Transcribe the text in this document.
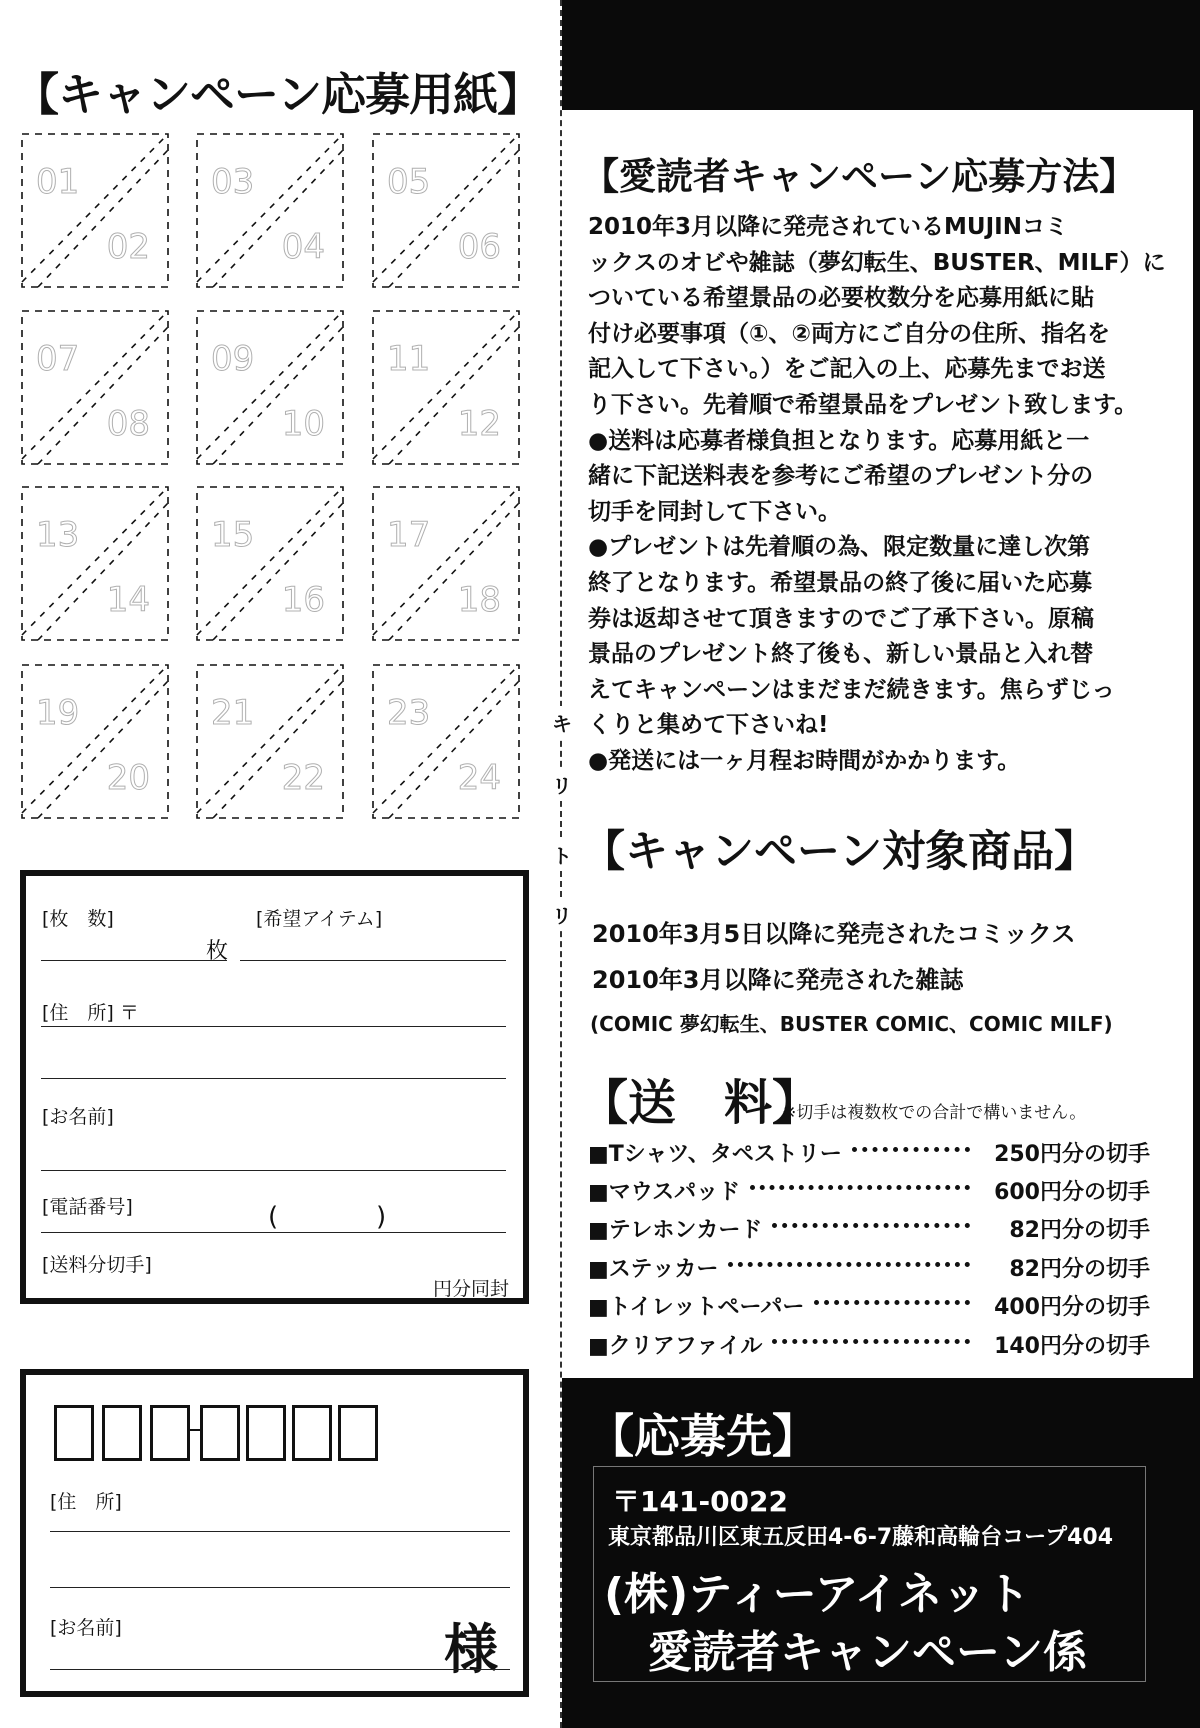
【キャンペーン応募用紙】
01
02
03
04
05
06
07
08
09
10
11
12
13
14
15
16
17
18
19
20
21
22
23
24
[枚　数]	[希望アイテム]
枚
[住　所] 〒
[お名前]
[電話番号]	(	)
[送料分切手]
円分同封
[住　所]
[お名前]	様
キ
リ
ト
リ
【愛読者キャンペーン応募方法】
2010年3月以降に発売されているMUJINコミ
ックスのオビや雑誌（夢幻転生、BUSTER、MILF）に
ついている希望景品の必要枚数分を応募用紙に貼
付け必要事項（①、②両方にご自分の住所、指名を
記入して下さい。）をご記入の上、応募先までお送
り下さい。先着順で希望景品をプレゼント致します。
●送料は応募者様負担となります。応募用紙と一
緒に下記送料表を参考にご希望のプレゼント分の
切手を同封して下さい。
●プレゼントは先着順の為、限定数量に達し次第
終了となります。希望景品の終了後に届いた応募
券は返却させて頂きますのでご了承下さい。原稿
景品のプレゼント終了後も、新しい景品と入れ替
えてキャンペーンはまだまだ続きます。焦らずじっ
くりと集めて下さいね!
●発送には一ヶ月程お時間がかかります。
【キャンペーン対象商品】
2010年3月5日以降に発売されたコミックス
2010年3月以降に発売された雑誌
(COMIC 夢幻転生、BUSTER COMIC、COMIC MILF)
【送　料】
※切手は複数枚での合計で構いません。
■Tシャツ、タペストリー	250円分の切手
■マウスパッド	600円分の切手
■テレホンカード	82円分の切手
■ステッカー	82円分の切手
■トイレットペーパー	400円分の切手
■クリアファイル	140円分の切手
【応募先】
〒141-0022
東京都品川区東五反田4-6-7藤和高輪台コープ404
(株)ティーアイネット
愛読者キャンペーン係
